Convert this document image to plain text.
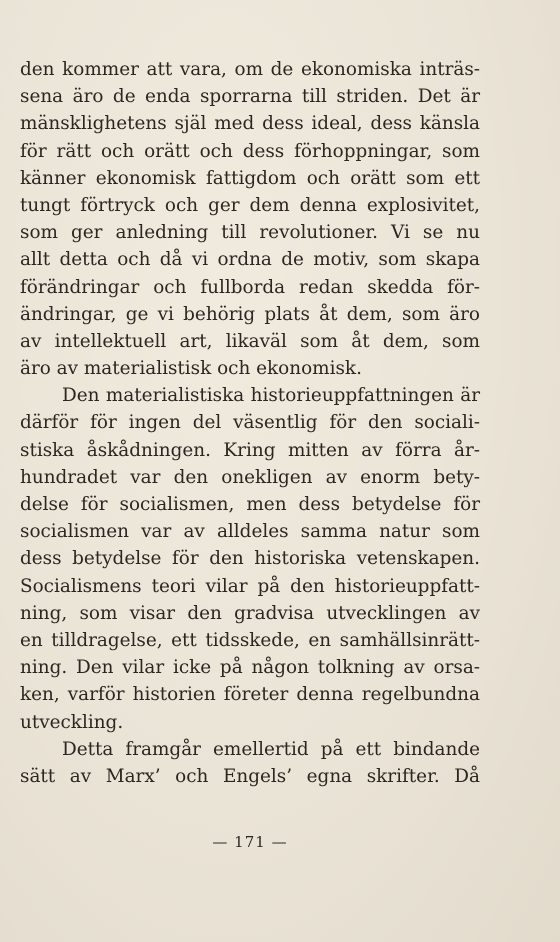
den kommer att vara, om de ekonomiska inträs-
sena äro de enda sporrarna till striden. Det är
mänsklighetens själ med dess ideal, dess känsla
för rätt och orätt och dess förhoppningar, som
känner ekonomisk fattigdom och orätt som ett
tungt förtryck och ger dem denna explosivitet,
som ger anledning till revolutioner. Vi se nu
allt detta och då vi ordna de motiv, som skapa
förändringar och fullborda redan skedda för-
ändringar, ge vi behörig plats åt dem, som äro
av intellektuell art, likaväl som åt dem, som
äro av materialistisk och ekonomisk.
Den materialistiska historieuppfattningen är
därför för ingen del väsentlig för den sociali-
stiska åskådningen. Kring mitten av förra år-
hundradet var den onekligen av enorm bety-
delse för socialismen, men dess betydelse för
socialismen var av alldeles samma natur som
dess betydelse för den historiska vetenskapen.
Socialismens teori vilar på den historieuppfatt-
ning, som visar den gradvisa utvecklingen av
en tilldragelse, ett tidsskede, en samhällsinrätt-
ning. Den vilar icke på någon tolkning av orsa-
ken, varför historien företer denna regelbundna
utveckling.
Detta framgår emellertid på ett bindande
sätt av Marx’ och Engels’ egna skrifter. Då
— 171 —
